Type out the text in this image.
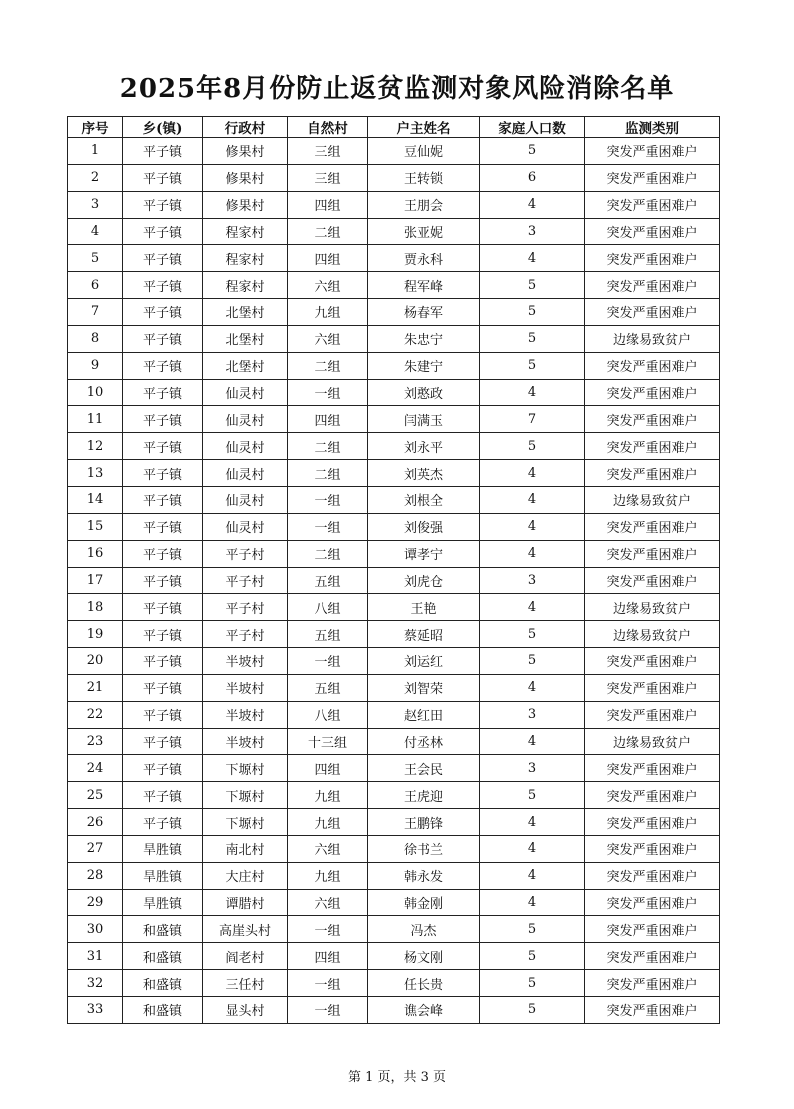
2025年8月份防止返贫监测对象风险消除名单
序号	乡(镇)	行政村	自然村	户主姓名	家庭人口数	监测类别
1	平子镇	修果村	三组	豆仙妮	5	突发严重困难户
2	平子镇	修果村	三组	王转锁	6	突发严重困难户
3	平子镇	修果村	四组	王朋会	4	突发严重困难户
4	平子镇	程家村	二组	张亚妮	3	突发严重困难户
5	平子镇	程家村	四组	贾永科	4	突发严重困难户
6	平子镇	程家村	六组	程军峰	5	突发严重困难户
7	平子镇	北堡村	九组	杨春军	5	突发严重困难户
8	平子镇	北堡村	六组	朱忠宁	5	边缘易致贫户
9	平子镇	北堡村	二组	朱建宁	5	突发严重困难户
10	平子镇	仙灵村	一组	刘憨政	4	突发严重困难户
11	平子镇	仙灵村	四组	闫满玉	7	突发严重困难户
12	平子镇	仙灵村	二组	刘永平	5	突发严重困难户
13	平子镇	仙灵村	二组	刘英杰	4	突发严重困难户
14	平子镇	仙灵村	一组	刘根全	4	边缘易致贫户
15	平子镇	仙灵村	一组	刘俊强	4	突发严重困难户
16	平子镇	平子村	二组	谭孝宁	4	突发严重困难户
17	平子镇	平子村	五组	刘虎仓	3	突发严重困难户
18	平子镇	平子村	八组	王艳	4	边缘易致贫户
19	平子镇	平子村	五组	蔡延昭	5	边缘易致贫户
20	平子镇	半坡村	一组	刘运红	5	突发严重困难户
21	平子镇	半坡村	五组	刘智荣	4	突发严重困难户
22	平子镇	半坡村	八组	赵红田	3	突发严重困难户
23	平子镇	半坡村	十三组	付丞林	4	边缘易致贫户
24	平子镇	下塬村	四组	王会民	3	突发严重困难户
25	平子镇	下塬村	九组	王虎迎	5	突发严重困难户
26	平子镇	下塬村	九组	王鹏锋	4	突发严重困难户
27	旱胜镇	南北村	六组	徐书兰	4	突发严重困难户
28	旱胜镇	大庄村	九组	韩永发	4	突发严重困难户
29	旱胜镇	谭腊村	六组	韩金刚	4	突发严重困难户
30	和盛镇	高崖头村	一组	冯杰	5	突发严重困难户
31	和盛镇	阎老村	四组	杨文刚	5	突发严重困难户
32	和盛镇	三任村	一组	任长贵	5	突发严重困难户
33	和盛镇	显头村	一组	谯会峰	5	突发严重困难户
第 1 页，共 3 页
